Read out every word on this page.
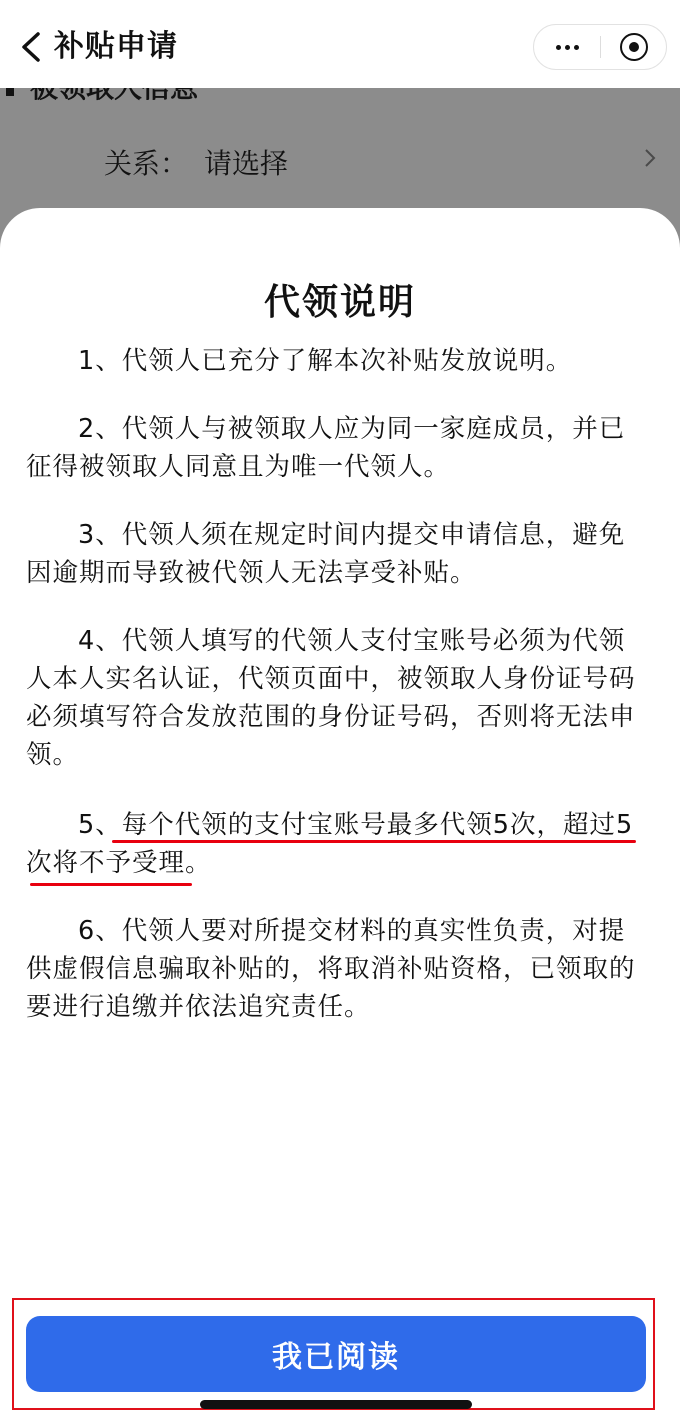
关系： 请选择
补贴申请
代领说明

1、代领人已充分了解本次补贴发放说明。

2、代领人与被领取人应为同一家庭成员，并已征得被领取人同意且为唯一代领人。

3、代领人须在规定时间内提交申请信息，避免因逾期而导致被代领人无法享受补贴。

4、代领人填写的代领人支付宝账号必须为代领人本人实名认证，代领页面中，被领取人身份证号码必须填写符合发放范围的身份证号码，否则将无法申领。

5、每个代领的支付宝账号最多代领5次，超过5次将不予受理。

6、代领人要对所提交材料的真实性负责，对提供虚假信息骗取补贴的，将取消补贴资格，已领取的要进行追缴并依法追究责任。

我已阅读
